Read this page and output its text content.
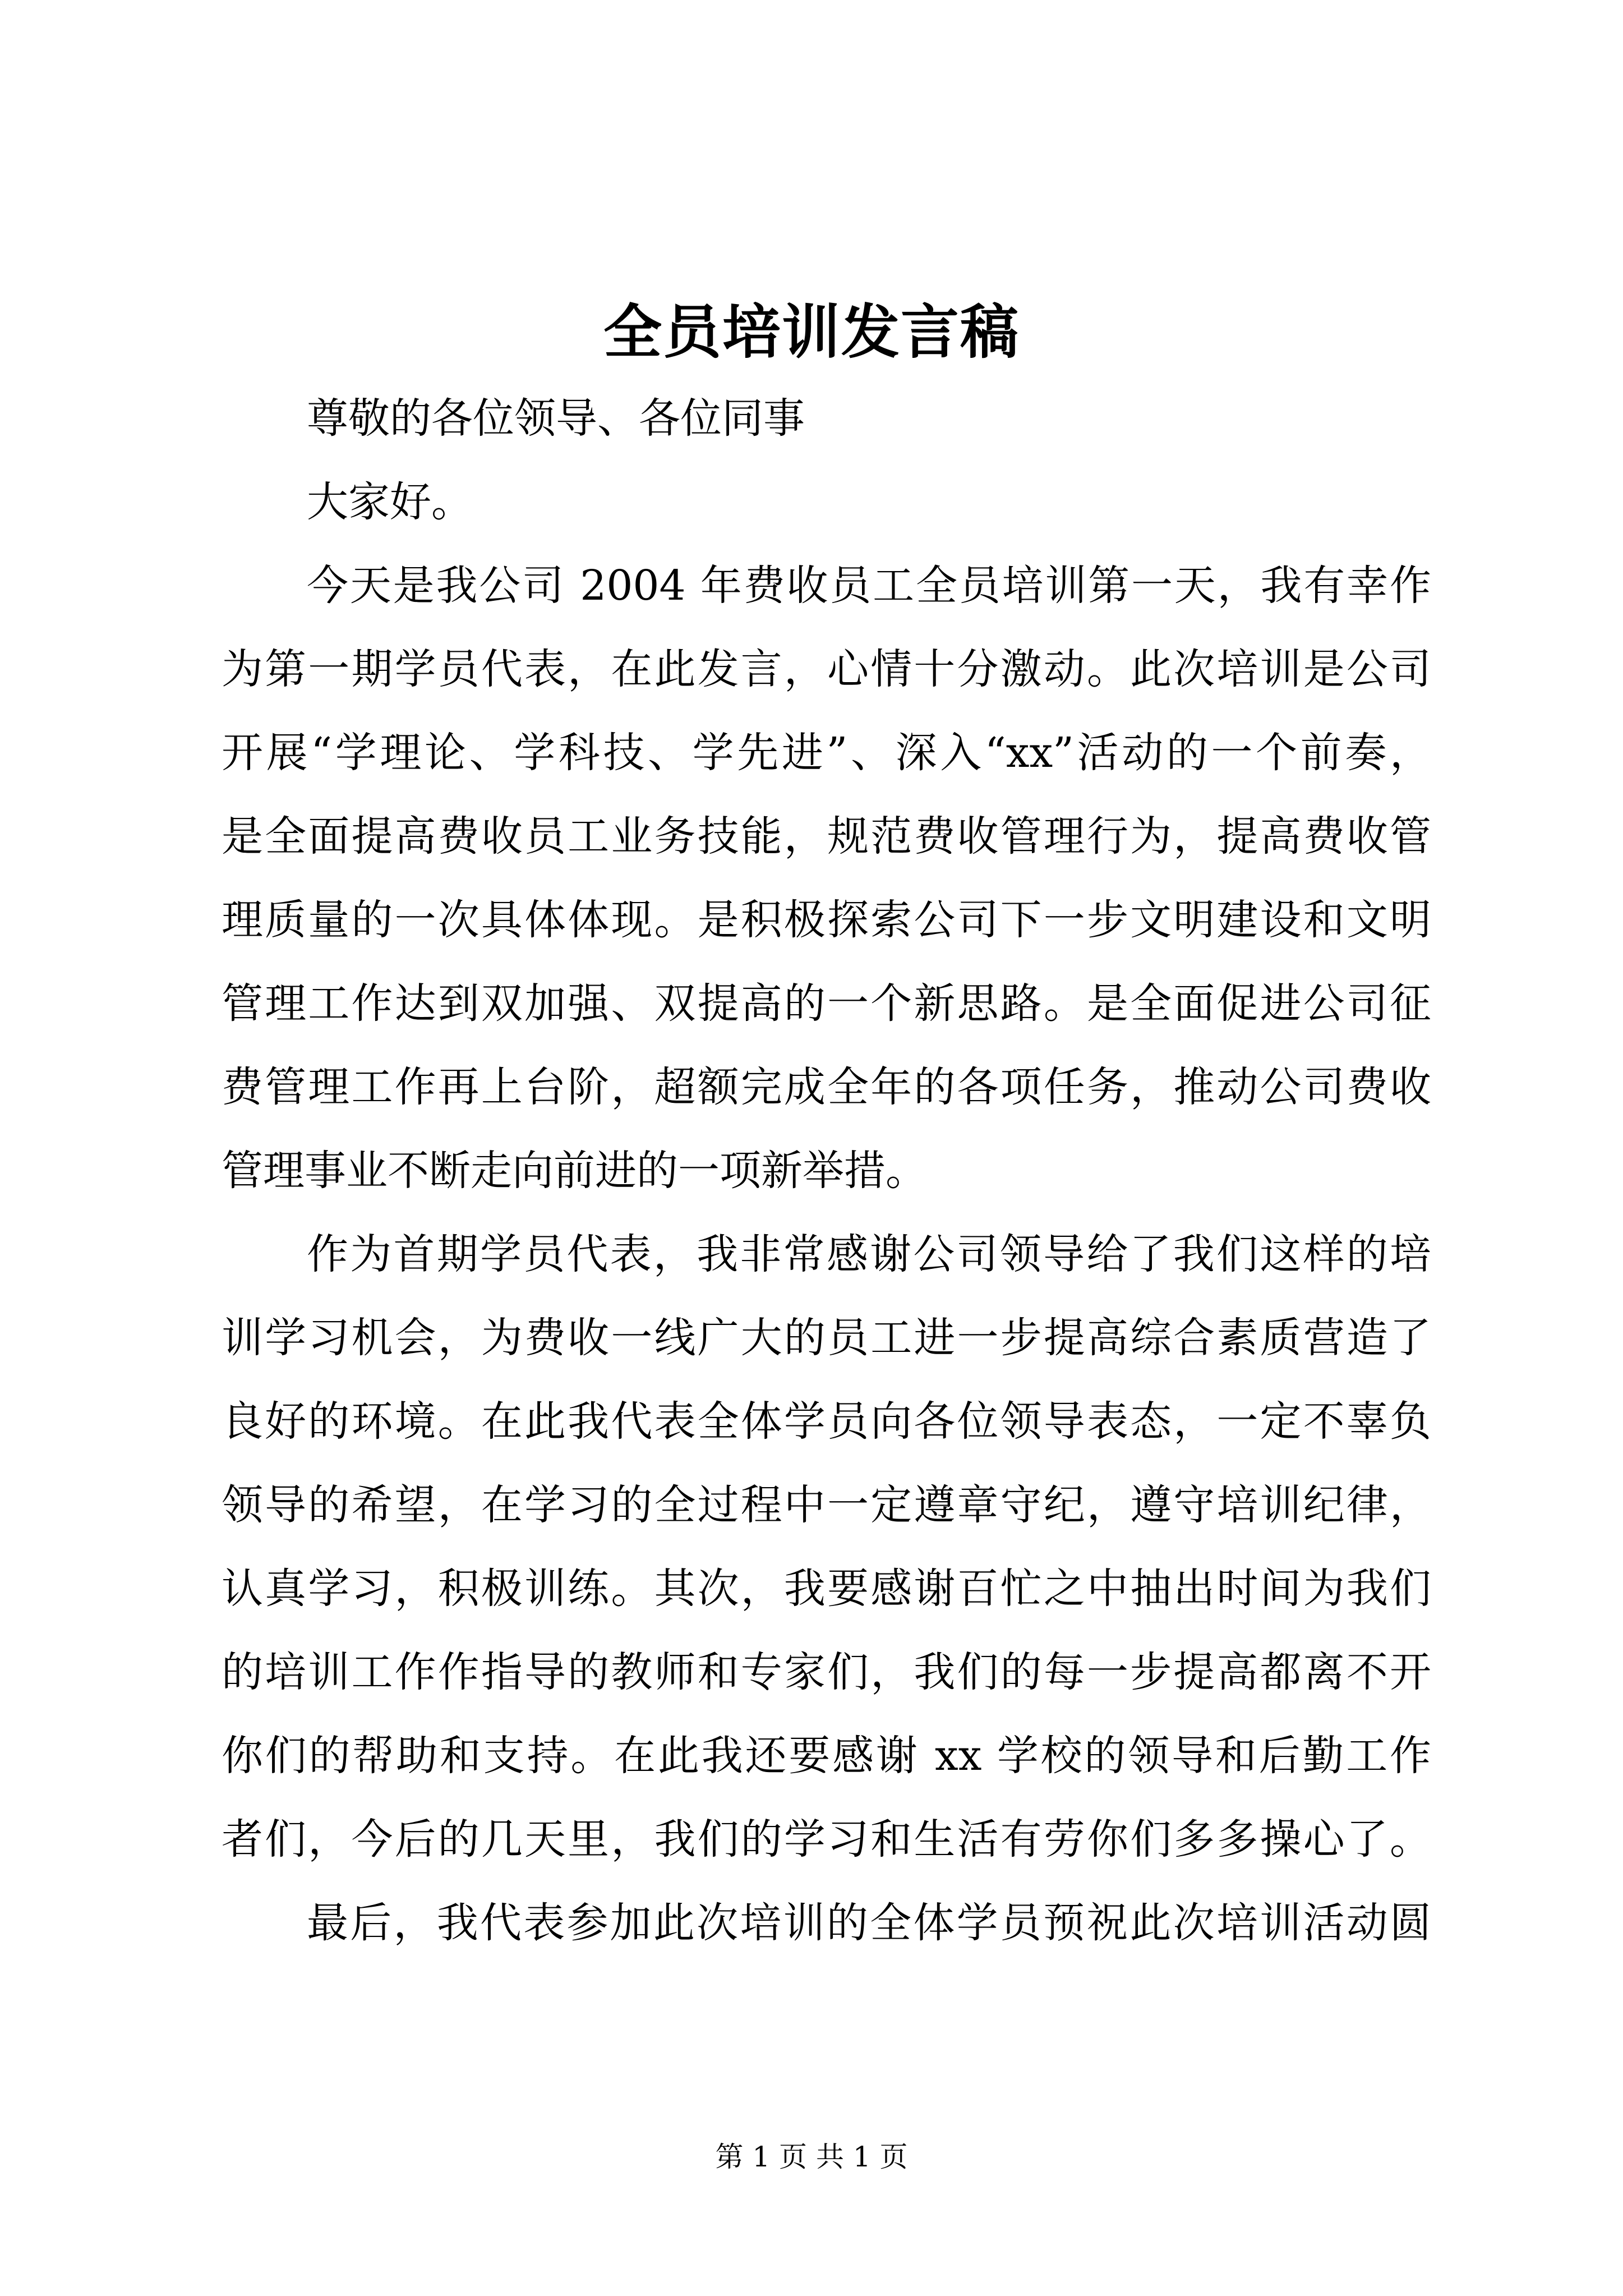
全员培训发言稿
尊敬的各位领导、各位同事
大家好。
今天是我公司 2004 年费收员工全员培训第一天，我有幸作
为第一期学员代表，在此发言，心情十分激动。此次培训是公司
开展“学理论、学科技、学先进”、深入“xx”活动的一个前奏，
是全面提高费收员工业务技能，规范费收管理行为，提高费收管
理质量的一次具体体现。是积极探索公司下一步文明建设和文明
管理工作达到双加强、双提高的一个新思路。是全面促进公司征
费管理工作再上台阶，超额完成全年的各项任务，推动公司费收
管理事业不断走向前进的一项新举措。
作为首期学员代表，我非常感谢公司领导给了我们这样的培
训学习机会，为费收一线广大的员工进一步提高综合素质营造了
良好的环境。在此我代表全体学员向各位领导表态，一定不辜负
领导的希望，在学习的全过程中一定遵章守纪，遵守培训纪律，
认真学习，积极训练。其次，我要感谢百忙之中抽出时间为我们
的培训工作作指导的教师和专家们，我们的每一步提高都离不开
你们的帮助和支持。在此我还要感谢 xx 学校的领导和后勤工作
者们，今后的几天里，我们的学习和生活有劳你们多多操心了。
最后，我代表参加此次培训的全体学员预祝此次培训活动圆
第 1 页 共 1 页
